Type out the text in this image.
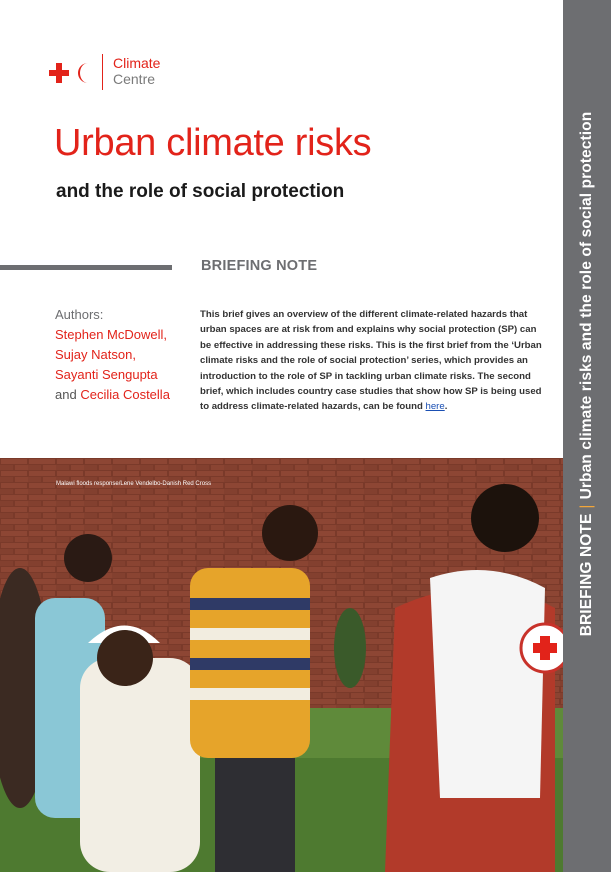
Climate
Centre
Urban climate risks
and the role of social protection
BRIEFING NOTE
Authors:
Stephen McDowell,
Sujay Natson,
Sayanti Sengupta
and Cecilia Costella

This brief gives an overview of the different climate-related hazards that urban spaces are at risk from and explains why social protection (SP) can be effective in addressing these risks. This is the first brief from the ‘Urban climate risks and the role of social protection’ series, which provides an introduction to the role of SP in tackling urban climate risks. The second brief, which includes country case studies that show how SP is being used to address climate-related hazards, can be found here.

Malawi floods response/Lene Vendelbo-Danish Red Cross
BRIEFING NOTE|Urban climate risks and the role of social protection
